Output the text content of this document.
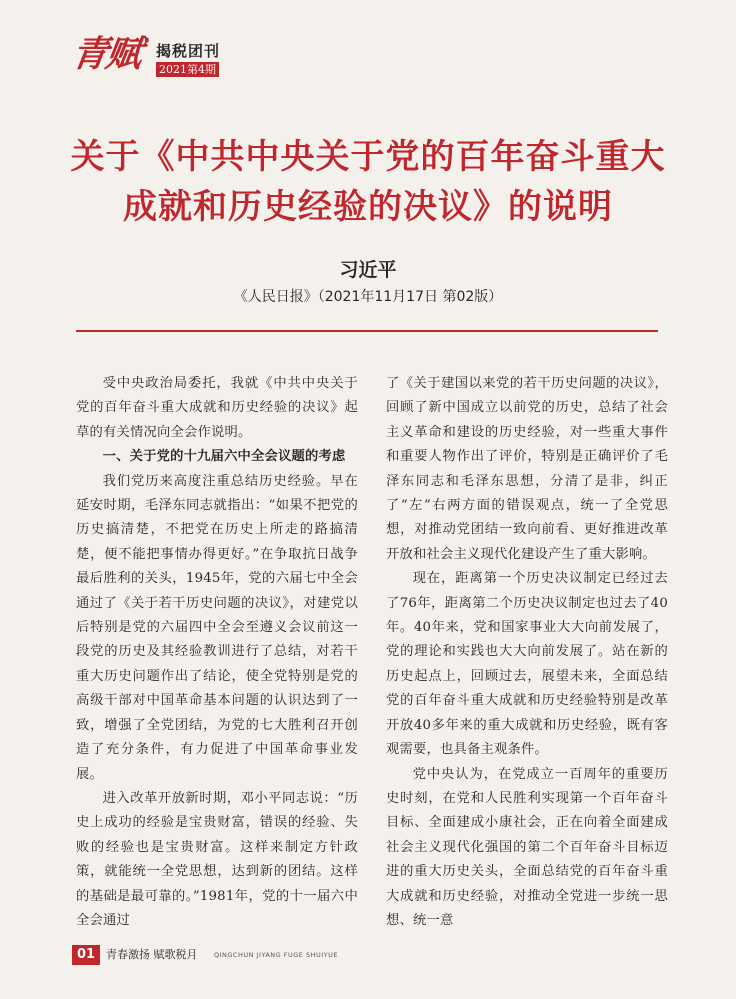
青赋 揭税团刊
2021第4期
关于《中共中央关于党的百年奋斗重大成就和历史经验的决议》的说明
习近平
《人民日报》（2021年11月17日 第02版）

受中央政治局委托，我就《中共中央关于党的百年奋斗重大成就和历史经验的决议》起草的有关情况向全会作说明。

一、关于党的十九届六中全会议题的考虑

我们党历来高度注重总结历史经验。早在延安时期，毛泽东同志就指出：“如果不把党的历史搞清楚，不把党在历史上所走的路搞清楚，便不能把事情办得更好。”在争取抗日战争最后胜利的关头，1945年，党的六届七中全会通过了《关于若干历史问题的决议》，对建党以后特别是党的六届四中全会至遵义会议前这一段党的历史及其经验教训进行了总结，对若干重大历史问题作出了结论，使全党特别是党的高级干部对中国革命基本问题的认识达到了一致，增强了全党团结，为党的七大胜利召开创造了充分条件，有力促进了中国革命事业发展。

进入改革开放新时期，邓小平同志说：“历史上成功的经验是宝贵财富，错误的经验、失败的经验也是宝贵财富。这样来制定方针政策，就能统一全党思想，达到新的团结。这样的基础是最可靠的。”1981年，党的十一届六中全会通过

了《关于建国以来党的若干历史问题的决议》，回顾了新中国成立以前党的历史，总结了社会主义革命和建设的历史经验，对一些重大事件和重要人物作出了评价，特别是正确评价了毛泽东同志和毛泽东思想，分清了是非，纠正了“左”右两方面的错误观点，统一了全党思想，对推动党团结一致向前看、更好推进改革开放和社会主义现代化建设产生了重大影响。

现在，距离第一个历史决议制定已经过去了76年，距离第二个历史决议制定也过去了40年。40年来，党和国家事业大大向前发展了，党的理论和实践也大大向前发展了。站在新的历史起点上，回顾过去，展望未来，全面总结党的百年奋斗重大成就和历史经验特别是改革开放40多年来的重大成就和历史经验，既有客观需要，也具备主观条件。

党中央认为，在党成立一百周年的重要历史时刻，在党和人民胜利实现第一个百年奋斗目标、全面建成小康社会，正在向着全面建成社会主义现代化强国的第二个百年奋斗目标迈进的重大历史关头，全面总结党的百年奋斗重大成就和历史经验，对推动全党进一步统一思想、统一意

01 青春激扬 赋歌税月	QINGCHUN JIYANG FUGE SHUIYUE
